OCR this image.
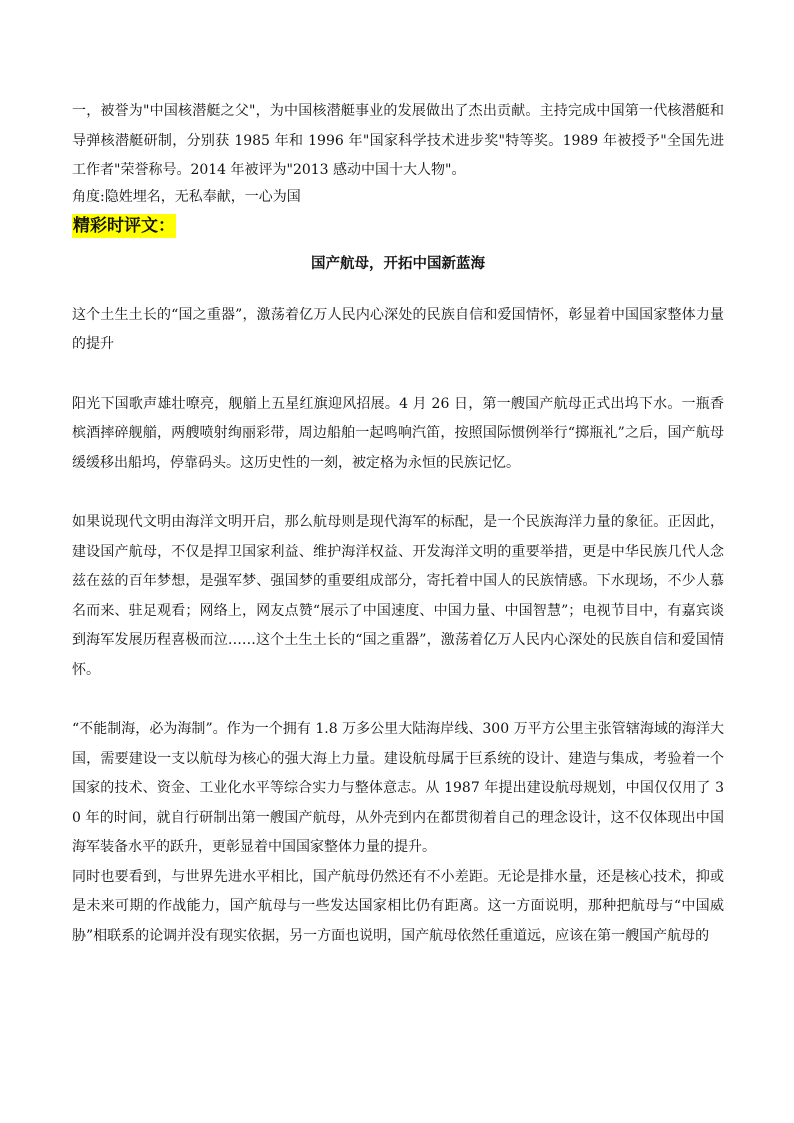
一，被誉为"中国核潜艇之父"，为中国核潜艇事业的发展做出了杰出贡献。主持完成中国第一代核潜艇和导弹核潜艇研制，分别获 1985 年和 1996 年"国家科学技术进步奖"特等奖。1989 年被授予"全国先进工作者"荣誉称号。2014 年被评为"2013 感动中国十大人物"。

角度:隐姓埋名，无私奉献，一心为国

精彩时评文：

国产航母，开拓中国新蓝海

这个土生土长的“国之重器”，激荡着亿万人民内心深处的民族自信和爱国情怀，彰显着中国国家整体力量的提升

阳光下国歌声雄壮嘹亮，舰艏上五星红旗迎风招展。4 月 26 日，第一艘国产航母正式出坞下水。一瓶香槟酒摔碎舰艏，两艘喷射绚丽彩带，周边船舶一起鸣响汽笛，按照国际惯例举行“掷瓶礼”之后，国产航母缓缓移出船坞，停靠码头。这历史性的一刻，被定格为永恒的民族记忆。

如果说现代文明由海洋文明开启，那么航母则是现代海军的标配，是一个民族海洋力量的象征。正因此，建设国产航母，不仅是捍卫国家利益、维护海洋权益、开发海洋文明的重要举措，更是中华民族几代人念兹在兹的百年梦想，是强军梦、强国梦的重要组成部分，寄托着中国人的民族情感。下水现场，不少人慕名而来、驻足观看；网络上，网友点赞“展示了中国速度、中国力量、中国智慧”；电视节目中，有嘉宾谈到海军发展历程喜极而泣……这个土生土长的“国之重器”，激荡着亿万人民内心深处的民族自信和爱国情怀。

“不能制海，必为海制”。作为一个拥有 1.8 万多公里大陆海岸线、300 万平方公里主张管辖海域的海洋大国，需要建设一支以航母为核心的强大海上力量。建设航母属于巨系统的设计、建造与集成，考验着一个国家的技术、资金、工业化水平等综合实力与整体意志。从 1987 年提出建设航母规划，中国仅仅用了 30 年的时间，就自行研制出第一艘国产航母，从外壳到内在都贯彻着自己的理念设计，这不仅体现出中国海军装备水平的跃升，更彰显着中国国家整体力量的提升。

同时也要看到，与世界先进水平相比，国产航母仍然还有不小差距。无论是排水量，还是核心技术，抑或是未来可期的作战能力，国产航母与一些发达国家相比仍有距离。这一方面说明，那种把航母与“中国威胁”相联系的论调并没有现实依据，另一方面也说明，国产航母依然任重道远，应该在第一艘国产航母的
